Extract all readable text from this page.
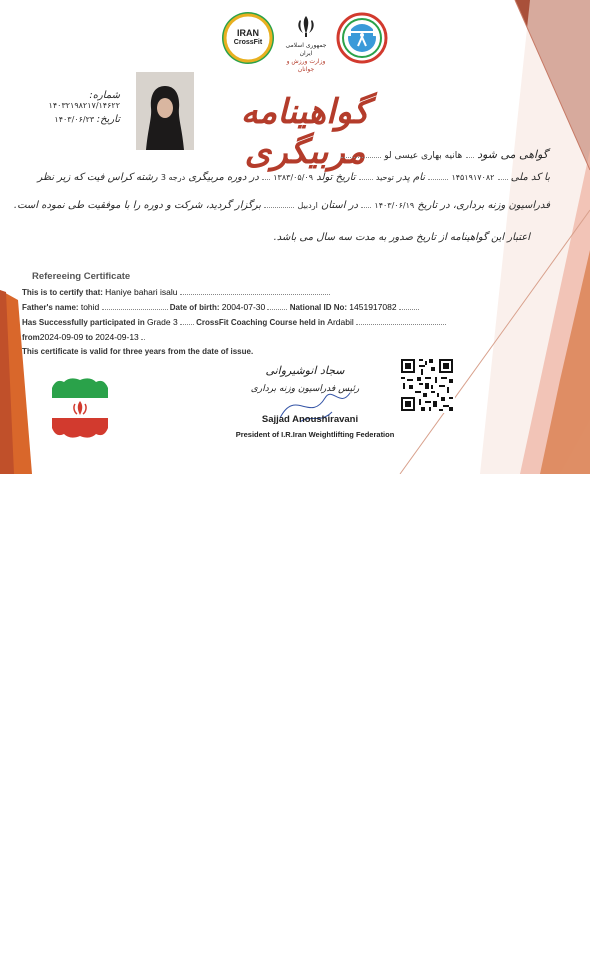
IRAN
CrossFit	جمهوری اسلامی ایران
وزارت ورزش و جوانان
شماره: ۱۴۰۳۲۱۹۸۲۱۷/۱۴۶۲۲
تاریخ: ۱۴۰۳/۰۶/۲۳	گواهینامه مربیگری	گواهی می شود  هانیه بهاری عیسی لو
با کد ملی  ۱۴۵۱۹۱۷۰۸۲  نام پدر توحید  تاریخ تولد ۱۳۸۳/۰۵/۰۹  در دوره مربیگری درجه 3 رشته کراس فیت که زیر نظر
فدراسیون وزنه برداری، در تاریخ ۱۴۰۳/۰۶/۱۹  در استان اردبیل  برگزار گردید، شرکت و دوره را با موفقیت طی نموده است.
اعتبار این گواهینامه از تاریخ صدور به مدت سه سال می باشد.
Refereeing Certificate
This is to certify that: Haniye bahari isalu
Father's name: tohid	Date of birth: 2004-07-30	National ID No: 1451917082
Has Successfully participated in Grade 3 CrossFit Coaching Course held in Ardabil
from2024-09-09 to 2024-09-13
This certificate is valid for three years from the date of issue.
سجاد انوشیروانی
رئیس فدراسیون وزنه برداری
Sajjad Anoushiravani
President of I.R.Iran Weightlifting Federation
